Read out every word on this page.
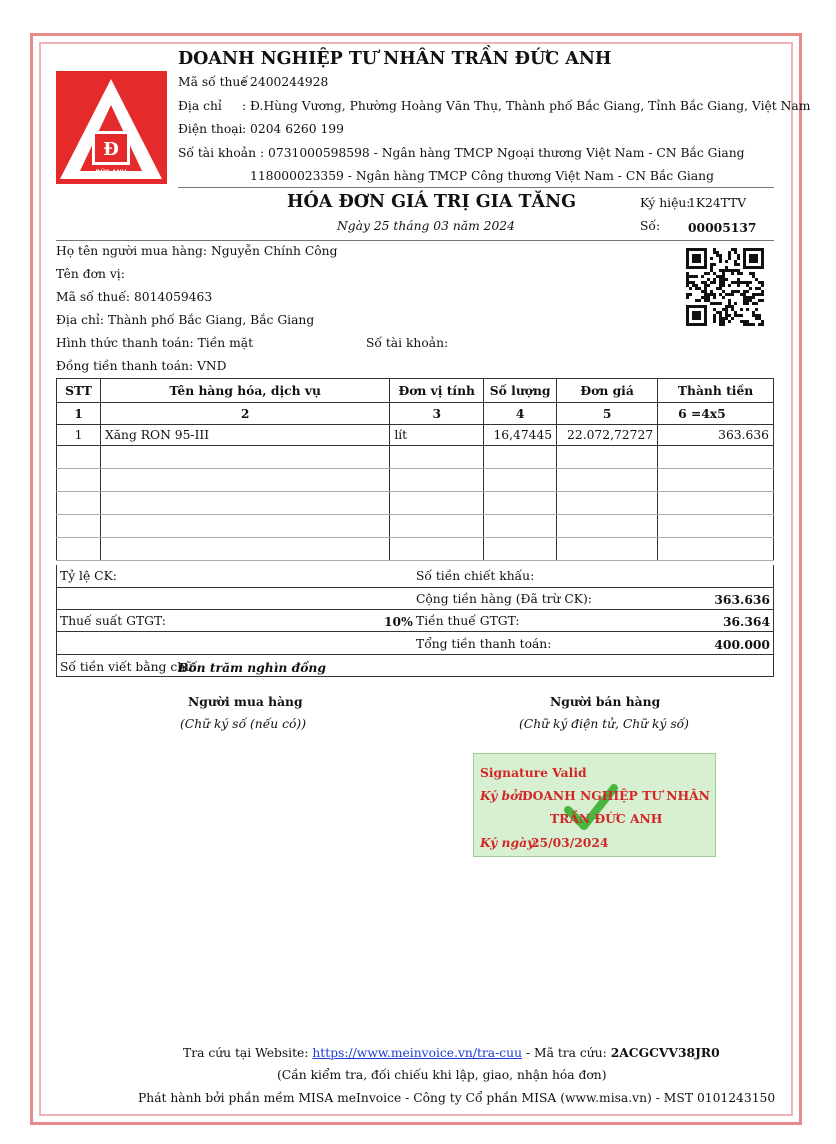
Đ
ĐỨC ANH
DOANH NGHIỆP TƯ NHÂN TRẦN ĐỨC ANH
Mã số thuế
: 2400244928
Địa chỉ : Đ.Hùng Vương, Phường Hoàng Văn Thụ, Thành phố Bắc Giang, Tỉnh Bắc Giang, Việt Nam
Điện thoại : 0204 6260 199
Số tài khoản : 0731000598598 - Ngân hàng TMCP Ngoại thương Việt Nam - CN Bắc Giang
118000023359 - Ngân hàng TMCP Công thương Việt Nam - CN Bắc Giang
HÓA ĐƠN GIÁ TRỊ GIA TĂNG
Ngày 25 tháng 03 năm 2024
Ký hiệu:
1K24TTV
Số: 00005137
Họ tên người mua hàng: Nguyễn Chính Công
Tên đơn vị:
Mã số thuế: 8014059463
Địa chỉ: Thành phố Bắc Giang, Bắc Giang
Hình thức thanh toán: Tiền mặt	Số tài khoản:
Đồng tiền thanh toán: VND
STT	Tên hàng hóa, dịch vụ	Đơn vị tính	Số lượng	Đơn giá	Thành tiền
1	2	3	4	5	6 =4x5
1	Xăng RON 95-III	lít	16,47445	22.072,72727	363.636

Tỷ lệ CK:	Số tiền chiết khấu:
Cộng tiền hàng (Đã trừ CK):	363.636
Thuế suất GTGT:	10% Tiền thuế GTGT:	36.364
Tổng tiền thanh toán:	400.000
Số tiền viết bằng chữ:
Bốn trăm nghìn đồng
Người mua hàng
(Chữ ký số (nếu có))
Người bán hàng
(Chữ ký điện tử, Chữ ký số)
Signature Valid
Ký bởi:
DOANH NGHIỆP TƯ NHÂN
TRẦN ĐỨC ANH
Ký ngày:
25/03/2024
Tra cứu tại Website: https://www.meinvoice.vn/tra-cuu - Mã tra cứu: 2ACGCVV38JR0
(Cần kiểm tra, đối chiếu khi lập, giao, nhận hóa đơn)
Phát hành bởi phần mềm MISA meInvoice - Công ty Cổ phần MISA (www.misa.vn) - MST 0101243150
